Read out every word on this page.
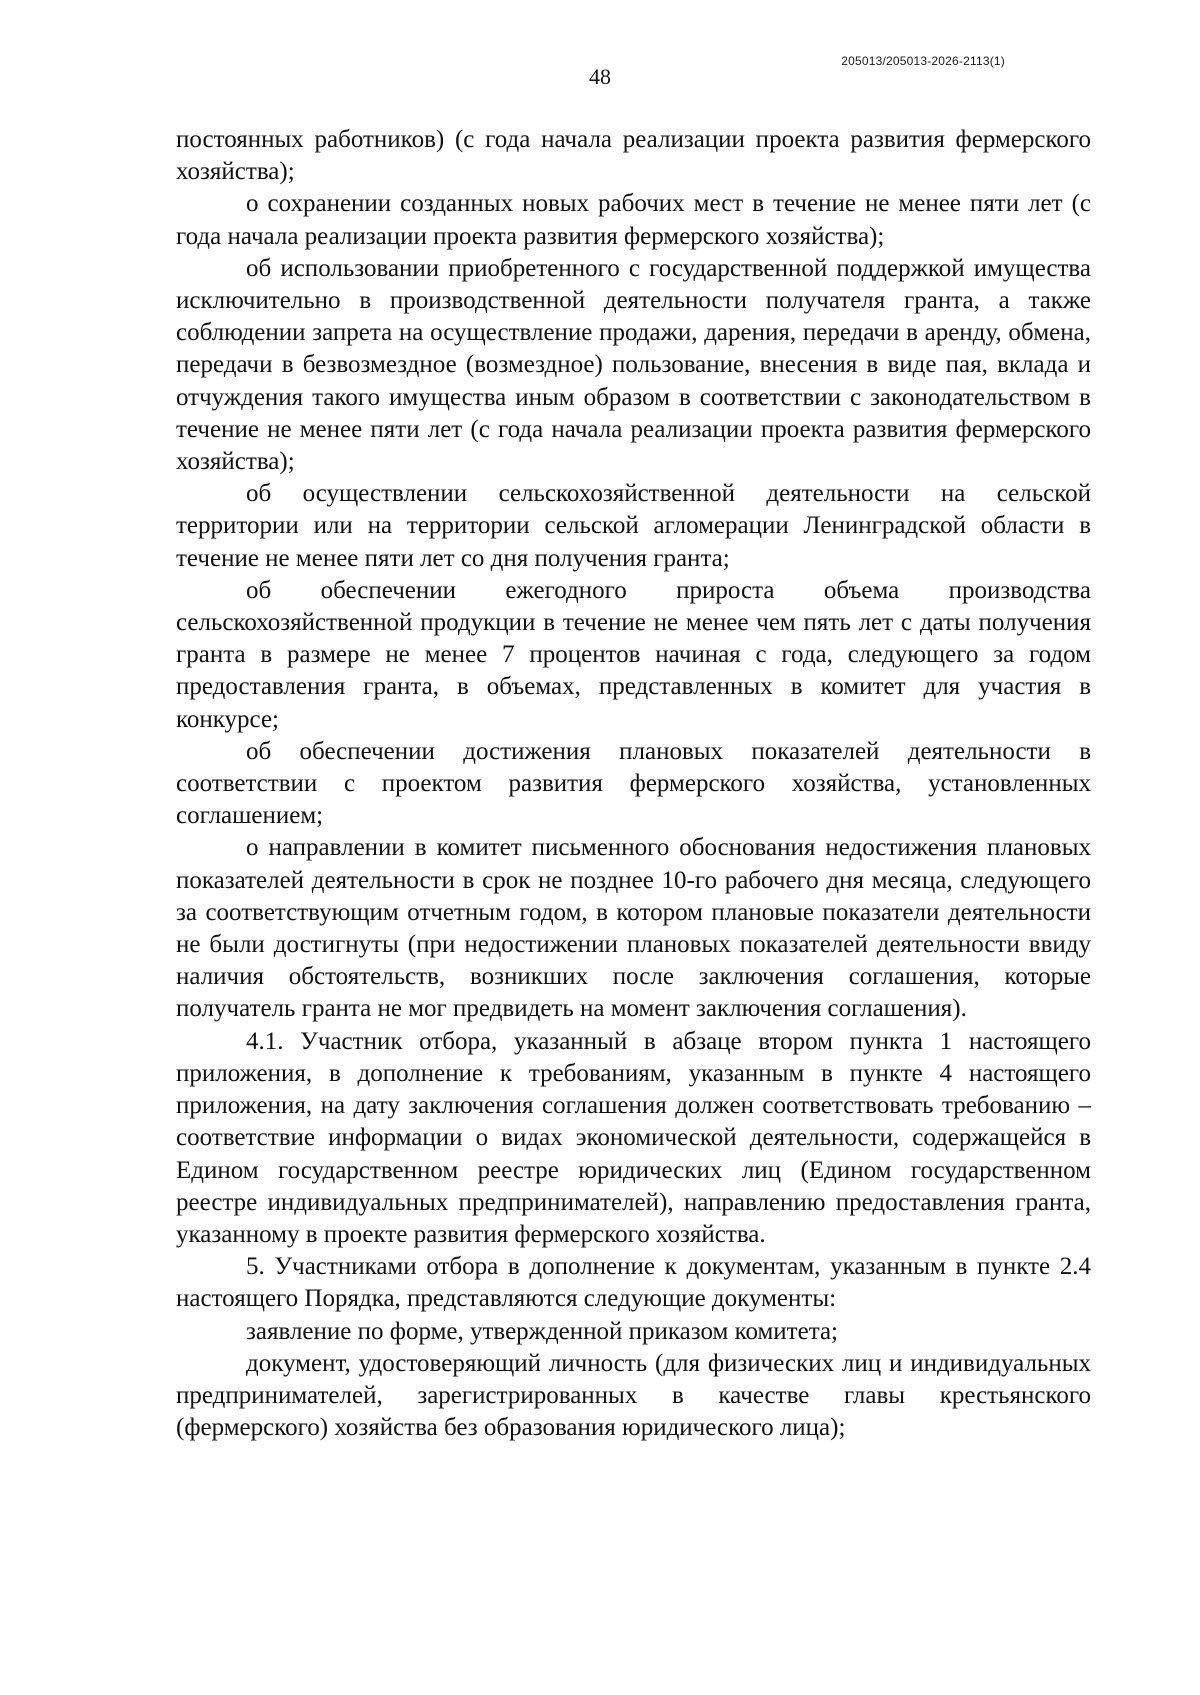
205013/205013-2026-2113(1)
48

постоянных работников) (с года начала реализации проекта развития фермерского хозяйства);

о сохранении созданных новых рабочих мест в течение не менее пяти лет (с года начала реализации проекта развития фермерского хозяйства);

об использовании приобретенного с государственной поддержкой имущества исключительно в производственной деятельности получателя гранта, а также соблюдении запрета на осуществление продажи, дарения, передачи в аренду, обмена, передачи в безвозмездное (возмездное) пользование, внесения в виде пая, вклада и отчуждения такого имущества иным образом в соответствии с законодательством в течение не менее пяти лет (с года начала реализации проекта развития фермерского хозяйства);

об осуществлении сельскохозяйственной деятельности на сельской территории или на территории сельской агломерации Ленинградской области в течение не менее пяти лет со дня получения гранта;

об обеспечении ежегодного прироста объема производства сельскохозяйственной продукции в течение не менее чем пять лет с даты получения гранта в размере не менее 7 процентов начиная с года, следующего за годом предоставления гранта, в объемах, представленных в комитет для участия в конкурсе;

об обеспечении достижения плановых показателей деятельности в соответствии с проектом развития фермерского хозяйства, установленных соглашением;

о направлении в комитет письменного обоснования недостижения плановых показателей деятельности в срок не позднее 10-го рабочего дня месяца, следующего за соответствующим отчетным годом, в котором плановые показатели деятельности не были достигнуты (при недостижении плановых показателей деятельности ввиду наличия обстоятельств, возникших после заключения соглашения, которые получатель гранта не мог предвидеть на момент заключения соглашения).

4.1. Участник отбора, указанный в абзаце втором пункта 1 настоящего приложения, в дополнение к требованиям, указанным в пункте 4 настоящего приложения, на дату заключения соглашения должен соответствовать требованию – соответствие информации о видах экономической деятельности, содержащейся в Едином государственном реестре юридических лиц (Едином государственном реестре индивидуальных предпринимателей), направлению предоставления гранта, указанному в проекте развития фермерского хозяйства.

5. Участниками отбора в дополнение к документам, указанным в пункте 2.4 настоящего Порядка, представляются следующие документы:

заявление по форме, утвержденной приказом комитета;

документ, удостоверяющий личность (для физических лиц и индивидуальных предпринимателей, зарегистрированных в качестве главы крестьянского (фермерского) хозяйства без образования юридического лица);
